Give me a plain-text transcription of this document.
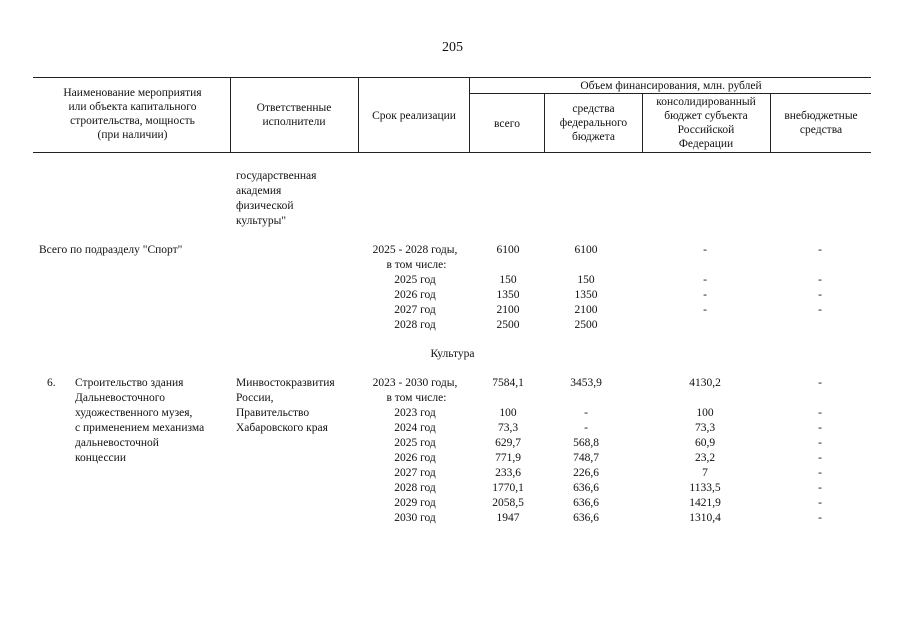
205
Наименование мероприятия
или объекта капитального
строительства, мощность
(при наличии)
Ответственные
исполнители	Срок реализации
Объем финансирования, млн. рублей
всего
средства
федерального
бюджета
консолидированный
бюджет субъекта
Российской
Федерации
внебюджетные
средства
государственная
академия
физической
культуры"
Всего по подразделу "Спорт"	2025 - 2028 годы,
в том числе:
2025 год
2026 год
2027 год
2028 год
6100

150
1350
2100
2500
6100

150
1350
2100
2500
-

-
-
-
-

-
-
-
Культура
6. Строительство здания
Дальневосточного
художественного музея,
с применением механизма
дальневосточной
концессии
Минвостокразвития
России,
Правительство
Хабаровского края
2023 - 2030 годы,
в том числе:
2023 год
2024 год
2025 год
2026 год
2027 год
2028 год
2029 год
2030 год
7584,1

100
73,3
629,7
771,9
233,6
1770,1
2058,5
1947
3453,9

-
-
568,8
748,7
226,6
636,6
636,6
636,6
4130,2

100
73,3
60,9
23,2
7
1133,5
1421,9
1310,4
-

-
-
-
-
-
-
-
-
